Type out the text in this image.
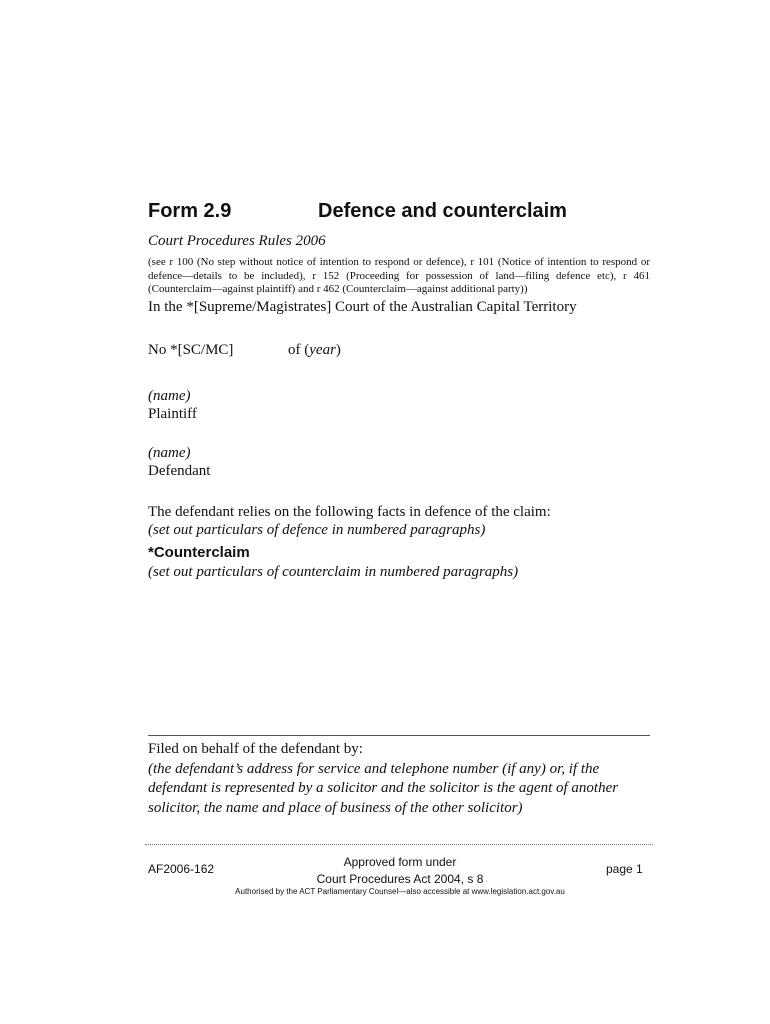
Form 2.9	Defence and counterclaim
Court Procedures Rules 2006
(see r 100 (No step without notice of intention to respond or defence), r 101 (Notice of intention to respond or defence—details to be included), r 152 (Proceeding for possession of land—filing defence etc), r 461 (Counterclaim—against plaintiff) and r 462 (Counterclaim—against additional party))
In the *[Supreme/Magistrates] Court of the Australian Capital Territory
No *[SC/MC]	of (year)
(name)
Plaintiff
(name)
Defendant
The defendant relies on the following facts in defence of the claim:
(set out particulars of defence in numbered paragraphs)
*Counterclaim
(set out particulars of counterclaim in numbered paragraphs)
Filed on behalf of the defendant by:
(the defendant’s address for service and telephone number (if any) or, if the defendant is represented by a solicitor and the solicitor is the agent of another solicitor, the name and place of business of the other solicitor)
AF2006-162	Approved form under
Court Procedures Act 2004, s 8
page 1
Authorised by the ACT Parliamentary Counsel—also accessible at www.legislation.act.gov.au
